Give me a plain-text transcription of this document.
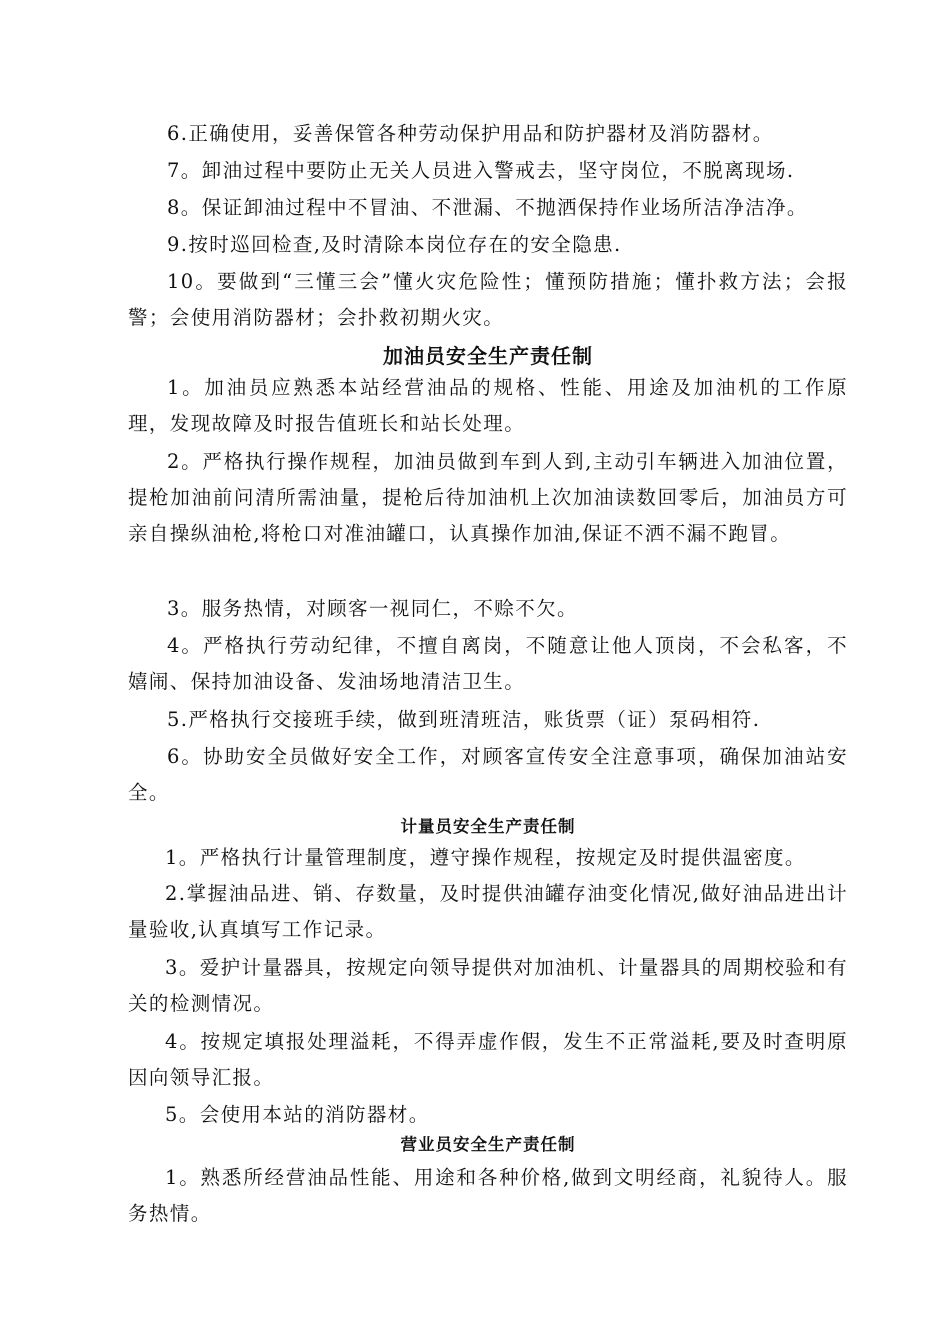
6.正确使用，妥善保管各种劳动保护用品和防护器材及消防器材。
7。卸油过程中要防止无关人员进入警戒去，坚守岗位，不脱离现场.
8。保证卸油过程中不冒油、不泄漏、不抛洒保持作业场所洁净洁净。
9.按时巡回检查,及时清除本岗位存在的安全隐患.
10。要做到“三懂三会”懂火灾危险性；懂预防措施；懂扑救方法；会报警；会使用消防器材；会扑救初期火灾。
加油员安全生产责任制
1。加油员应熟悉本站经营油品的规格、性能、用途及加油机的工作原理，发现故障及时报告值班长和站长处理。
2。严格执行操作规程，加油员做到车到人到,主动引车辆进入加油位置，提枪加油前问清所需油量，提枪后待加油机上次加油读数回零后，加油员方可亲自操纵油枪,将枪口对准油罐口，认真操作加油,保证不洒不漏不跑冒。
3。服务热情，对顾客一视同仁，不赊不欠。
4。严格执行劳动纪律，不擅自离岗，不随意让他人顶岗，不会私客，不嬉闹、保持加油设备、发油场地清洁卫生。
5.严格执行交接班手续，做到班清班洁，账货票（证）泵码相符.
6。协助安全员做好安全工作，对顾客宣传安全注意事项，确保加油站安全。
计量员安全生产责任制
1。严格执行计量管理制度，遵守操作规程，按规定及时提供温密度。
2.掌握油品进、销、存数量，及时提供油罐存油变化情况,做好油品进出计量验收,认真填写工作记录。
3。爱护计量器具，按规定向领导提供对加油机、计量器具的周期校验和有关的检测情况。
4。按规定填报处理溢耗，不得弄虚作假，发生不正常溢耗,要及时查明原因向领导汇报。
5。会使用本站的消防器材。
营业员安全生产责任制
1。熟悉所经营油品性能、用途和各种价格,做到文明经商，礼貌待人。服务热情。
